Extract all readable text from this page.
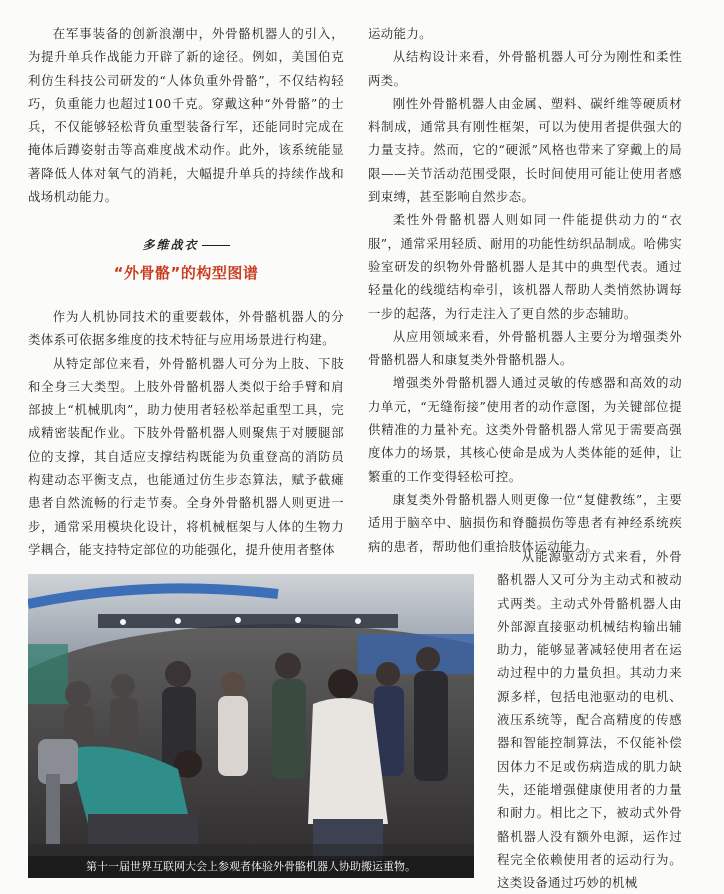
在军事装备的创新浪潮中，外骨骼机器人的引入，为提升单兵作战能力开辟了新的途径。例如，美国伯克利仿生科技公司研发的“人体负重外骨骼”，不仅结构轻巧，负重能力也超过100千克。穿戴这种“外骨骼”的士兵，不仅能够轻松背负重型装备行军，还能同时完成在掩体后蹲姿射击等高难度战术动作。此外，该系统能显著降低人体对氧气的消耗，大幅提升单兵的持续作战和战场机动能力。

多维战衣
“外骨骼”的构型图谱

作为人机协同技术的重要载体，外骨骼机器人的分类体系可依据多维度的技术特征与应用场景进行构建。

从特定部位来看，外骨骼机器人可分为上肢、下肢和全身三大类型。上肢外骨骼机器人类似于给手臂和肩部披上“机械肌肉”，助力使用者轻松举起重型工具，完成精密装配作业。下肢外骨骼机器人则聚焦于对腰腿部位的支撑，其自适应支撑结构既能为负重登高的消防员构建动态平衡支点，也能通过仿生步态算法，赋予截瘫患者自然流畅的行走节奏。全身外骨骼机器人则更进一步，通常采用模块化设计，将机械框架与人体的生物力学耦合，能支持特定部位的功能强化，提升使用者整体

运动能力。

从结构设计来看，外骨骼机器人可分为刚性和柔性两类。

刚性外骨骼机器人由金属、塑料、碳纤维等硬质材料制成，通常具有刚性框架，可以为使用者提供强大的力量支持。然而，它的“硬派”风格也带来了穿戴上的局限——关节活动范围受限，长时间使用可能让使用者感到束缚，甚至影响自然步态。

柔性外骨骼机器人则如同一件能提供动力的“衣服”，通常采用轻质、耐用的功能性纺织品制成。哈佛实验室研发的织物外骨骼机器人是其中的典型代表。通过轻量化的线缆结构牵引，该机器人帮助人类悄然协调每一步的起落，为行走注入了更自然的步态辅助。

从应用领域来看，外骨骼机器人主要分为增强类外骨骼机器人和康复类外骨骼机器人。

增强类外骨骼机器人通过灵敏的传感器和高效的动力单元，“无缝衔接”使用者的动作意图，为关键部位提供精准的力量补充。这类外骨骼机器人常见于需要高强度体力的场景，其核心使命是成为人类体能的延伸，让繁重的工作变得轻松可控。

康复类外骨骼机器人则更像一位“复健教练”，主要适用于脑卒中、脑损伤和脊髓损伤等患者有神经系统疾病的患者，帮助他们重拾肢体运动能力。

从能源驱动方式来看，外骨骼机器人又可分为主动式和被动式两类。主动式外骨骼机器人由外部源直接驱动机械结构输出辅助力，能够显著减轻使用者在运动过程中的力量负担。其动力来源多样，包括电池驱动的电机、液压系统等，配合高精度的传感器和智能控制算法，不仅能补偿因体力不足或伤病造成的肌力缺失，还能增强健康使用者的力量和耐力。相比之下，被动式外骨骼机器人没有额外电源，运作过程完全依赖使用者的运动行为。这类设备通过巧妙的机械

第十一届世界互联网大会上参观者体验外骨骼机器人协助搬运重物。
